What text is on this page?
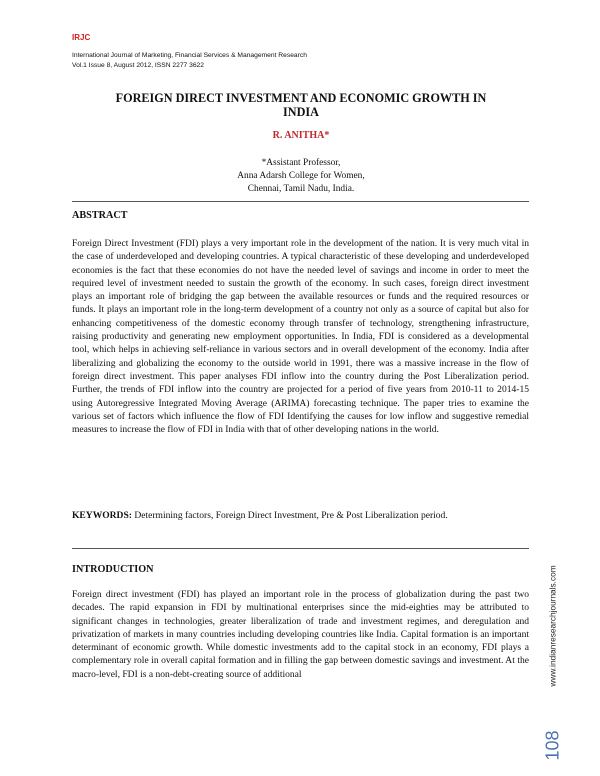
IRJC
International Journal of Marketing, Financial Services & Management Research
Vol.1 Issue 8, August 2012, ISSN 2277 3622
FOREIGN DIRECT INVESTMENT AND ECONOMIC GROWTH IN
INDIA
R. ANITHA*
*Assistant Professor,
Anna Adarsh College for Women,
Chennai, Tamil Nadu, India.
ABSTRACT
Foreign Direct Investment (FDI) plays a very important role in the development of the nation. It is very much vital in the case of underdeveloped and developing countries. A typical characteristic of these developing and underdeveloped economies is the fact that these economies do not have the needed level of savings and income in order to meet the required level of investment needed to sustain the growth of the economy. In such cases, foreign direct investment plays an important role of bridging the gap between the available resources or funds and the required resources or funds. It plays an important role in the long-term development of a country not only as a source of capital but also for enhancing competitiveness of the domestic economy through transfer of technology, strengthening infrastructure, raising productivity and generating new employment opportunities. In India, FDI is considered as a developmental tool, which helps in achieving self-reliance in various sectors and in overall development of the economy. India after liberalizing and globalizing the economy to the outside world in 1991, there was a massive increase in the flow of foreign direct investment. This paper analyses FDI inflow into the country during the Post Liberalization period. Further, the trends of FDI inflow into the country are projected for a period of five years from 2010-11 to 2014-15 using Autoregressive Integrated Moving Average (ARIMA) forecasting technique. The paper tries to examine the various set of factors which influence the flow of FDI Identifying the causes for low inflow and suggestive remedial measures to increase the flow of FDI in India with that of other developing nations in the world.
KEYWORDS: Determining factors, Foreign Direct Investment, Pre & Post Liberalization period.
INTRODUCTION
Foreign direct investment (FDI) has played an important role in the process of globalization during the past two decades. The rapid expansion in FDI by multinational enterprises since the mid-eighties may be attributed to significant changes in technologies, greater liberalization of trade and investment regimes, and deregulation and privatization of markets in many countries including developing countries like India. Capital formation is an important determinant of economic growth. While domestic investments add to the capital stock in an economy, FDI plays a complementary role in overall capital formation and in filling the gap between domestic savings and investment. At the macro-level, FDI is a non-debt-creating source of additional	www.indianresearchjournals.com
108
